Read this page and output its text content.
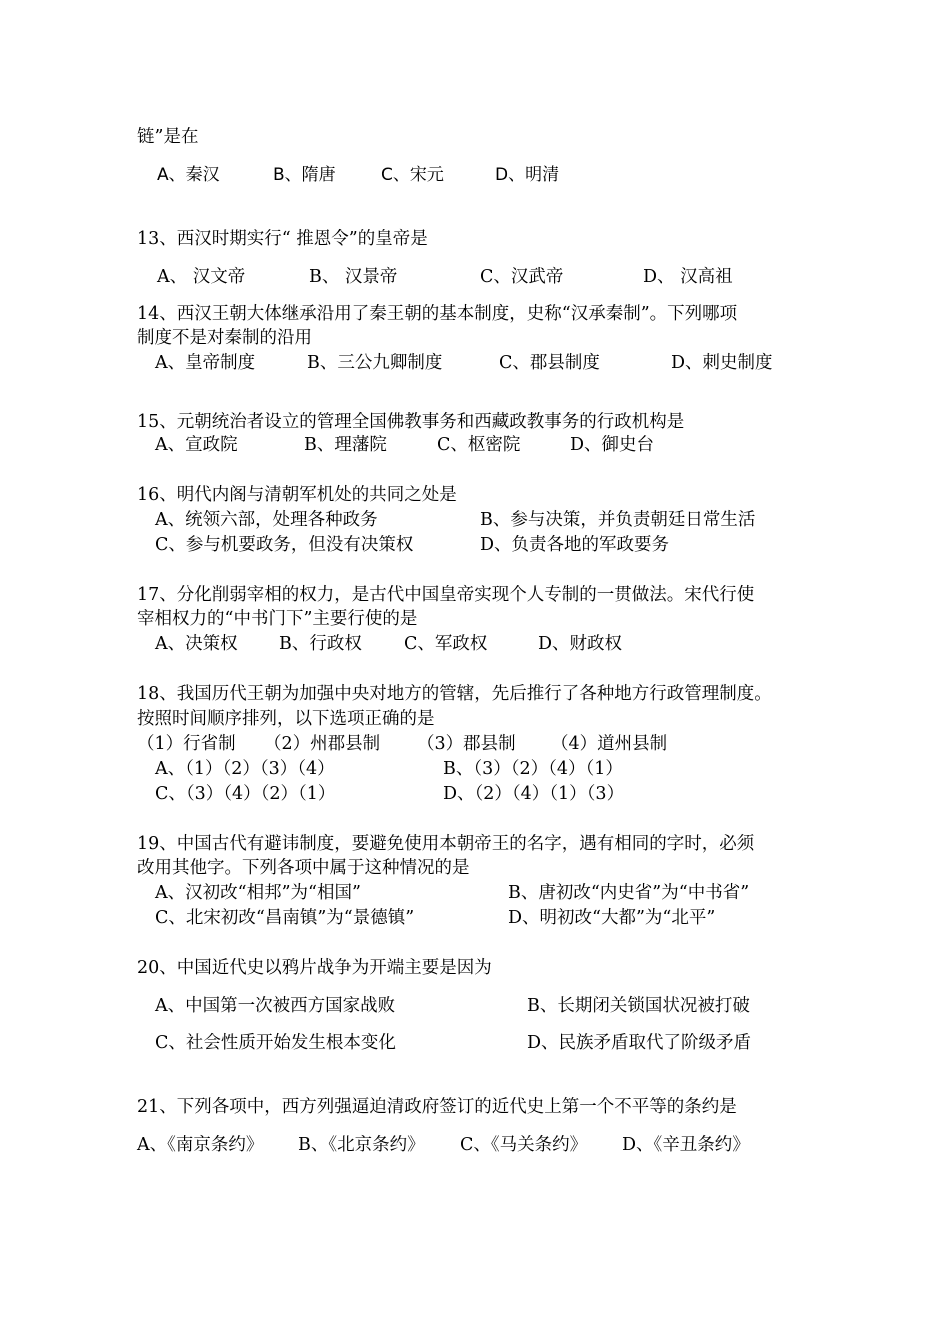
链”是在
A、秦汉	B、隋唐	C、宋元	D、明清
13、西汉时期实行“ 推恩令”的皇帝是
A、 汉文帝	B、 汉景帝	C、汉武帝	D、 汉高祖
14、西汉王朝大体继承沿用了秦王朝的基本制度，史称“汉承秦制”。下列哪项
制度不是对秦制的沿用
A、皇帝制度	B、三公九卿制度	C、郡县制度	D、刺史制度
15、元朝统治者设立的管理全国佛教事务和西藏政教事务的行政机构是
A、宣政院	B、理藩院	C、枢密院	D、御史台
16、明代内阁与清朝军机处的共同之处是
A、统领六部，处理各种政务	B、参与决策，并负责朝廷日常生活
C、参与机要政务，但没有决策权	D、负责各地的军政要务
17、分化削弱宰相的权力，是古代中国皇帝实现个人专制的一贯做法。宋代行使
宰相权力的“中书门下”主要行使的是
A、决策权 B、行政权 C、军政权	D、财政权
18、我国历代王朝为加强中央对地方的管辖，先后推行了各种地方行政管理制度。
按照时间顺序排列，以下选项正确的是
（1）行省制 （2）州郡县制 （3）郡县制 （4）道州县制
A、（1）（2）（3）（4）	B、（3）（2）（4）（1）
C、（3）（4）（2）（1）	D、（2）（4）（1）（3）
19、中国古代有避讳制度，要避免使用本朝帝王的名字，遇有相同的字时，必须
改用其他字。下列各项中属于这种情况的是
A、汉初改“相邦”为“相国”	B、唐初改“内史省”为“中书省”
C、北宋初改“昌南镇”为“景德镇”	D、明初改“大都”为“北平”
20、中国近代史以鸦片战争为开端主要是因为
A、中国第一次被西方国家战败	B、长期闭关锁国状况被打破
C、社会性质开始发生根本变化	D、民族矛盾取代了阶级矛盾
21、下列各项中，西方列强逼迫清政府签订的近代史上第一个不平等的条约是
A、《南京条约》 B、《北京条约》 C、《马关条约》 D、《辛丑条约》
